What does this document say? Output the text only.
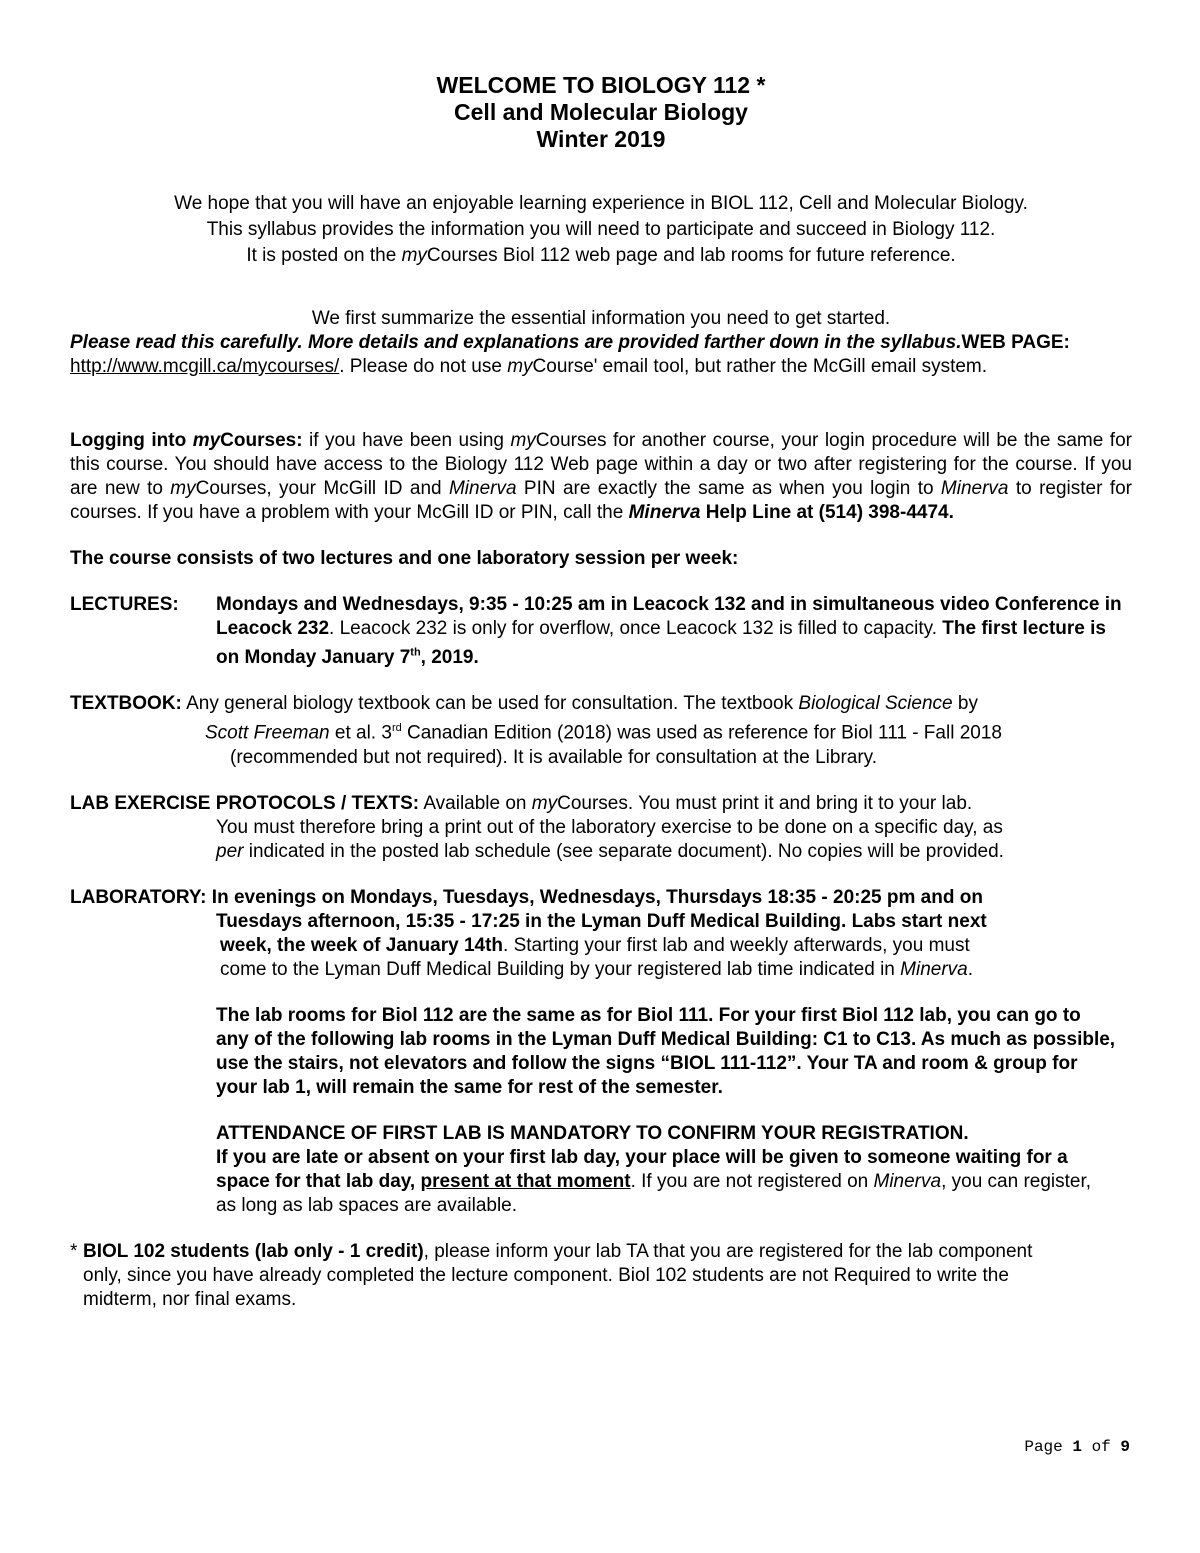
WELCOME TO BIOLOGY 112 *
Cell and Molecular Biology
Winter 2019
We hope that you will have an enjoyable learning experience in BIOL 112, Cell and Molecular Biology.
This syllabus provides the information you will need to participate and succeed in Biology 112.
It is posted on the myCourses Biol 112 web page and lab rooms for future reference.
We first summarize the essential information you need to get started.
Please read this carefully. More details and explanations are provided farther down in the syllabus.WEB PAGE: http://www.mcgill.ca/mycourses/. Please do not use myCourse' email tool, but rather the McGill email system.

Logging into myCourses: if you have been using myCourses for another course, your login procedure will be the same for this course. You should have access to the Biology 112 Web page within a day or two after registering for the course. If you are new to myCourses, your McGill ID and Minerva PIN are exactly the same as when you login to Minerva to register for courses. If you have a problem with your McGill ID or PIN, call the Minerva Help Line at (514) 398-4474.

The course consists of two lectures and one laboratory session per week:

LECTURES: Mondays and Wednesdays, 9:35 - 10:25 am in Leacock 132 and in simultaneous video Conference in Leacock 232. Leacock 232 is only for overflow, once Leacock 132 is filled to capacity. The first lecture is on Monday January 7th, 2019.
TEXTBOOK: Any general biology textbook can be used for consultation. The textbook Biological Science by
Scott Freeman et al. 3rd Canadian Edition (2018) was used as reference for Biol 111 - Fall 2018
(recommended but not required). It is available for consultation at the Library.
LAB EXERCISE PROTOCOLS / TEXTS: Available on myCourses. You must print it and bring it to your lab.
You must therefore bring a print out of the laboratory exercise to be done on a specific day, as
per indicated in the posted lab schedule (see separate document). No copies will be provided.
LABORATORY: In evenings on Mondays, Tuesdays, Wednesdays, Thursdays 18:35 - 20:25 pm and on
Tuesdays afternoon, 15:35 - 17:25 in the Lyman Duff Medical Building. Labs start next
week, the week of January 14th. Starting your first lab and weekly afterwards, you must
come to the Lyman Duff Medical Building by your registered lab time indicated in Minerva.
The lab rooms for Biol 112 are the same as for Biol 111. For your first Biol 112 lab, you can go to any of the following lab rooms in the Lyman Duff Medical Building: C1 to C13. As much as possible, use the stairs, not elevators and follow the signs “BIOL 111-112”. Your TA and room & group for your lab 1, will remain the same for rest of the semester.
ATTENDANCE OF FIRST LAB IS MANDATORY TO CONFIRM YOUR REGISTRATION.
If you are late or absent on your first lab day, your place will be given to someone waiting for a space for that lab day, present at that moment. If you are not registered on Minerva, you can register, as long as lab spaces are available.
* BIOL 102 students (lab only - 1 credit), please inform your lab TA that you are registered for the lab component only, since you have already completed the lecture component. Biol 102 students are not Required to write the midterm, nor final exams.
Page 1 of 9
